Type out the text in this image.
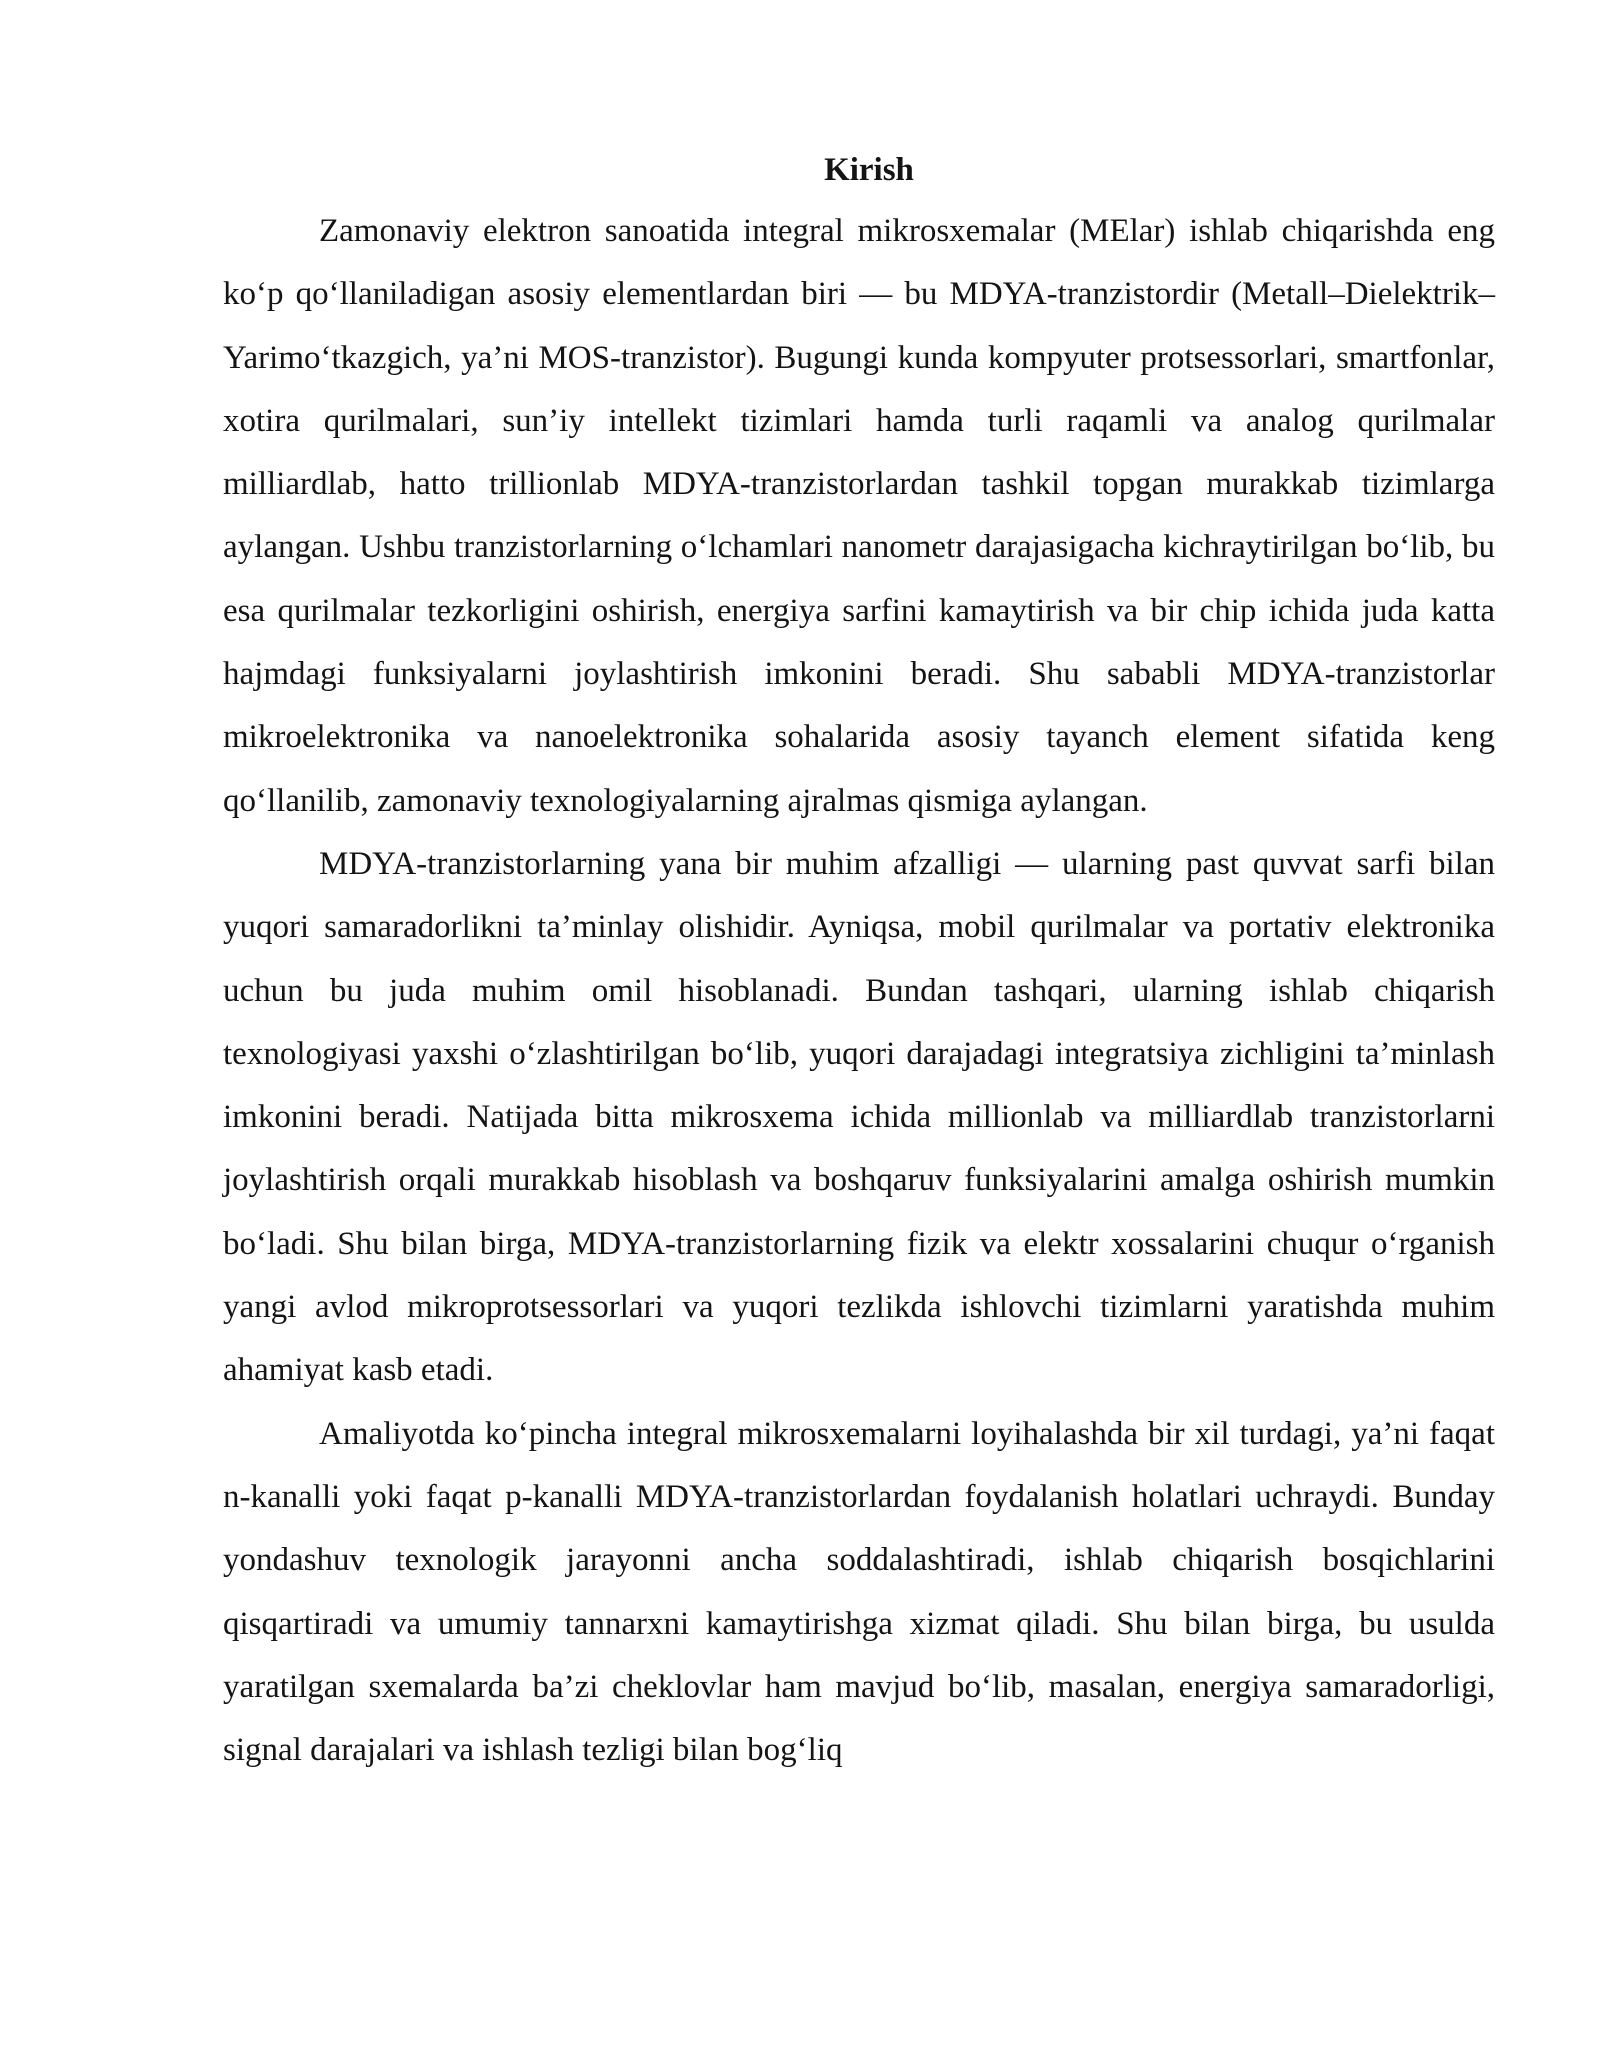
Kirish

Zamonaviy elektron sanoatida integral mikrosxemalar (MElar) ishlab chiqarishda eng ko‘p qo‘llaniladigan asosiy elementlardan biri — bu MDYA-tranzistordir (Metall–Dielektrik–Yarimo‘tkazgich, ya’ni MOS-tranzistor). Bugungi kunda kompyuter protsessorlari, smartfonlar, xotira qurilmalari, sun’iy intellekt tizimlari hamda turli raqamli va analog qurilmalar milliardlab, hatto trillionlab MDYA-tranzistorlardan tashkil topgan murakkab tizimlarga aylangan. Ushbu tranzistorlarning o‘lchamlari nanometr darajasigacha kichraytirilgan bo‘lib, bu esa qurilmalar tezkorligini oshirish, energiya sarfini kamaytirish va bir chip ichida juda katta hajmdagi funksiyalarni joylashtirish imkonini beradi. Shu sababli MDYA-tranzistorlar mikroelektronika va nanoelektronika sohalarida asosiy tayanch element sifatida keng qo‘llanilib, zamonaviy texnologiyalarning ajralmas qismiga aylangan.

MDYA-tranzistorlarning yana bir muhim afzalligi — ularning past quvvat sarfi bilan yuqori samaradorlikni ta’minlay olishidir. Ayniqsa, mobil qurilmalar va portativ elektronika uchun bu juda muhim omil hisoblanadi. Bundan tashqari, ularning ishlab chiqarish texnologiyasi yaxshi o‘zlashtirilgan bo‘lib, yuqori darajadagi integratsiya zichligini ta’minlash imkonini beradi. Natijada bitta mikrosxema ichida millionlab va milliardlab tranzistorlarni joylashtirish orqali murakkab hisoblash va boshqaruv funksiyalarini amalga oshirish mumkin bo‘ladi. Shu bilan birga, MDYA-tranzistorlarning fizik va elektr xossalarini chuqur o‘rganish yangi avlod mikroprotsessorlari va yuqori tezlikda ishlovchi tizimlarni yaratishda muhim ahamiyat kasb etadi.

Amaliyotda ko‘pincha integral mikrosxemalarni loyihalashda bir xil turdagi, ya’ni faqat n-kanalli yoki faqat p-kanalli MDYA-tranzistorlardan foydalanish holatlari uchraydi. Bunday yondashuv texnologik jarayonni ancha soddalashtiradi, ishlab chiqarish bosqichlarini qisqartiradi va umumiy tannarxni kamaytirishga xizmat qiladi. Shu bilan birga, bu usulda yaratilgan sxemalarda ba’zi cheklovlar ham mavjud bo‘lib, masalan, energiya samaradorligi, signal darajalari va ishlash tezligi bilan bog‘liq
